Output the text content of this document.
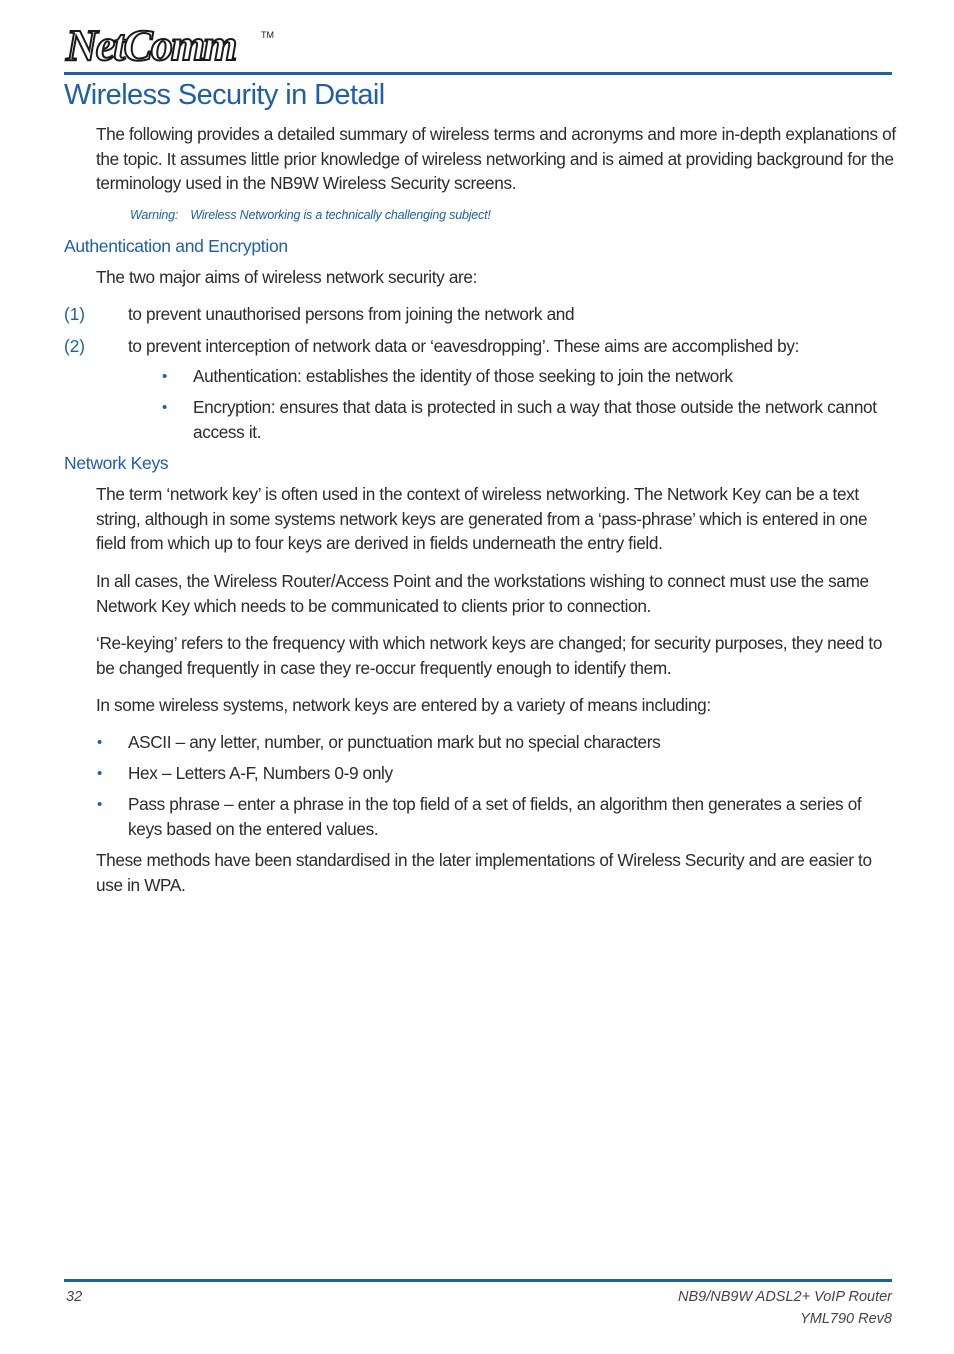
NetComm	TM
Wireless Security in Detail

The following provides a detailed summary of wireless terms and acronyms and more in-depth explanations of the topic. It assumes little prior knowledge of wireless networking and is aimed at providing background for the terminology used in the NB9W Wireless Security screens.

Warning: Wireless Networking is a technically challenging subject!
Authentication and Encryption

The two major aims of wireless network security are:

(1) to prevent unauthorised persons from joining the network and
(2) to prevent interception of network data or ‘eavesdropping’. These aims are accomplished by:
• Authentication: establishes the identity of those seeking to join the network
• Encryption: ensures that data is protected in such a way that those outside the network cannot access it.
Network Keys

The term ‘network key’ is often used in the context of wireless networking. The Network Key can be a text string, although in some systems network keys are generated from a ‘pass-phrase’ which is entered in one field from which up to four keys are derived in fields underneath the entry field.

In all cases, the Wireless Router/Access Point and the workstations wishing to connect must use the same Network Key which needs to be communicated to clients prior to connection.

‘Re-keying’ refers to the frequency with which network keys are changed; for security purposes, they need to be changed frequently in case they re-occur frequently enough to identify them.

In some wireless systems, network keys are entered by a variety of means including:

• ASCII – any letter, number, or punctuation mark but no special characters
• Hex – Letters A-F, Numbers 0-9 only
• Pass phrase – enter a phrase in the top field of a set of fields, an algorithm then generates a series of keys based on the entered values.

These methods have been standardised in the later implementations of Wireless Security and are easier to use in WPA.

32	NB9/NB9W ADSL2+ VoIP Router
YML790 Rev8
